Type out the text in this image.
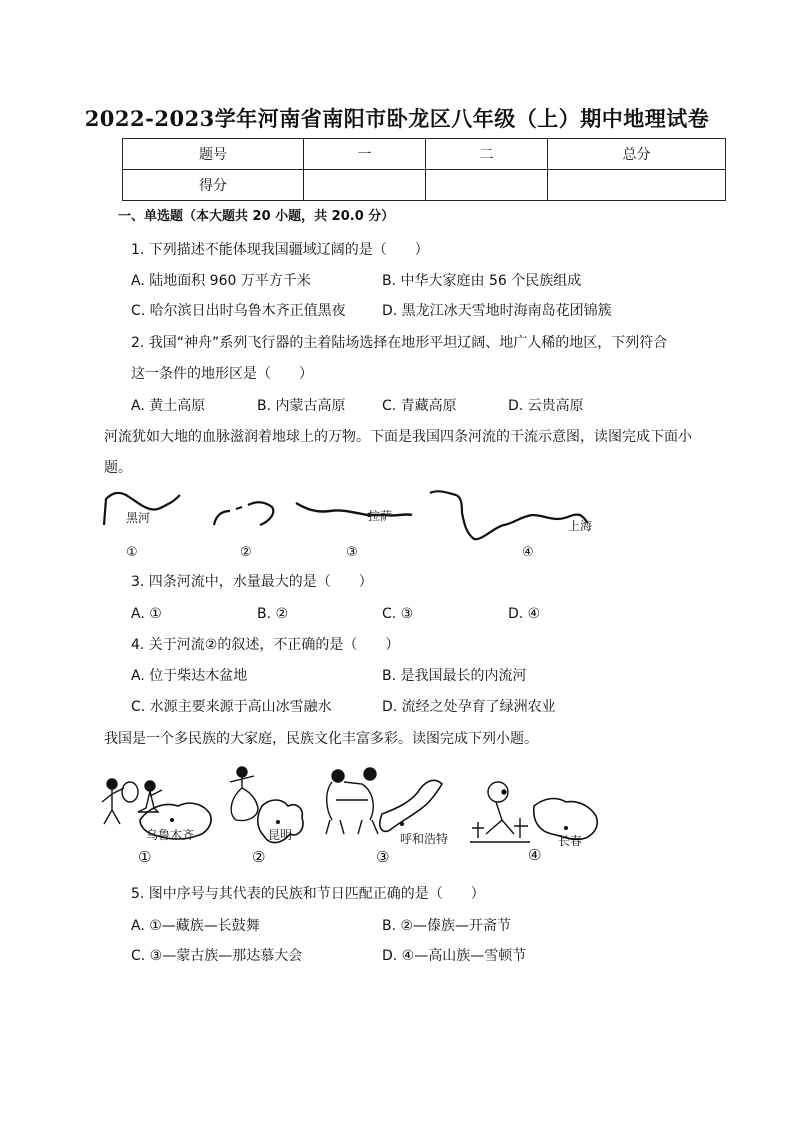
2022-2023学年河南省南阳市卧龙区八年级（上）期中地理试卷
题号	一	二	总分
得分			
一、单选题（本大题共 20 小题，共 20.0 分）
1. 下列描述不能体现我国疆域辽阔的是（　　）
A. 陆地面积 960 万平方千米	B. 中华大家庭由 56 个民族组成
C. 哈尔滨日出时乌鲁木齐正值黑夜	D. 黑龙江冰天雪地时海南岛花团锦簇
2. 我国“神舟”系列飞行器的主着陆场选择在地形平坦辽阔、地广人稀的地区，下列符合
这一条件的地形区是（　　）
A. 黄土高原	B. 内蒙古高原	C. 青藏高原	D. 云贵高原
河流犹如大地的血脉滋润着地球上的万物。下面是我国四条河流的干流示意图，读图完成下面小
题。
黑河	拉萨
上海
①	②	③	④
3. 四条河流中，水量最大的是（　　）
A. ①	B. ②	C. ③	D. ④
4. 关于河流②的叙述，不正确的是（　　）
A. 位于柴达木盆地	B. 是我国最长的内流河
C. 水源主要来源于高山冰雪融水	D. 流经之处孕育了绿洲农业
我国是一个多民族的大家庭，民族文化丰富多彩。读图完成下列小题。
乌鲁木齐	昆明	呼和浩特	长春
①	②	③	④
5. 图中序号与其代表的民族和节日匹配正确的是（　　）
A. ①—藏族—长鼓舞	B. ②—傣族—开斋节
C. ③—蒙古族—那达慕大会	D. ④—高山族—雪顿节
